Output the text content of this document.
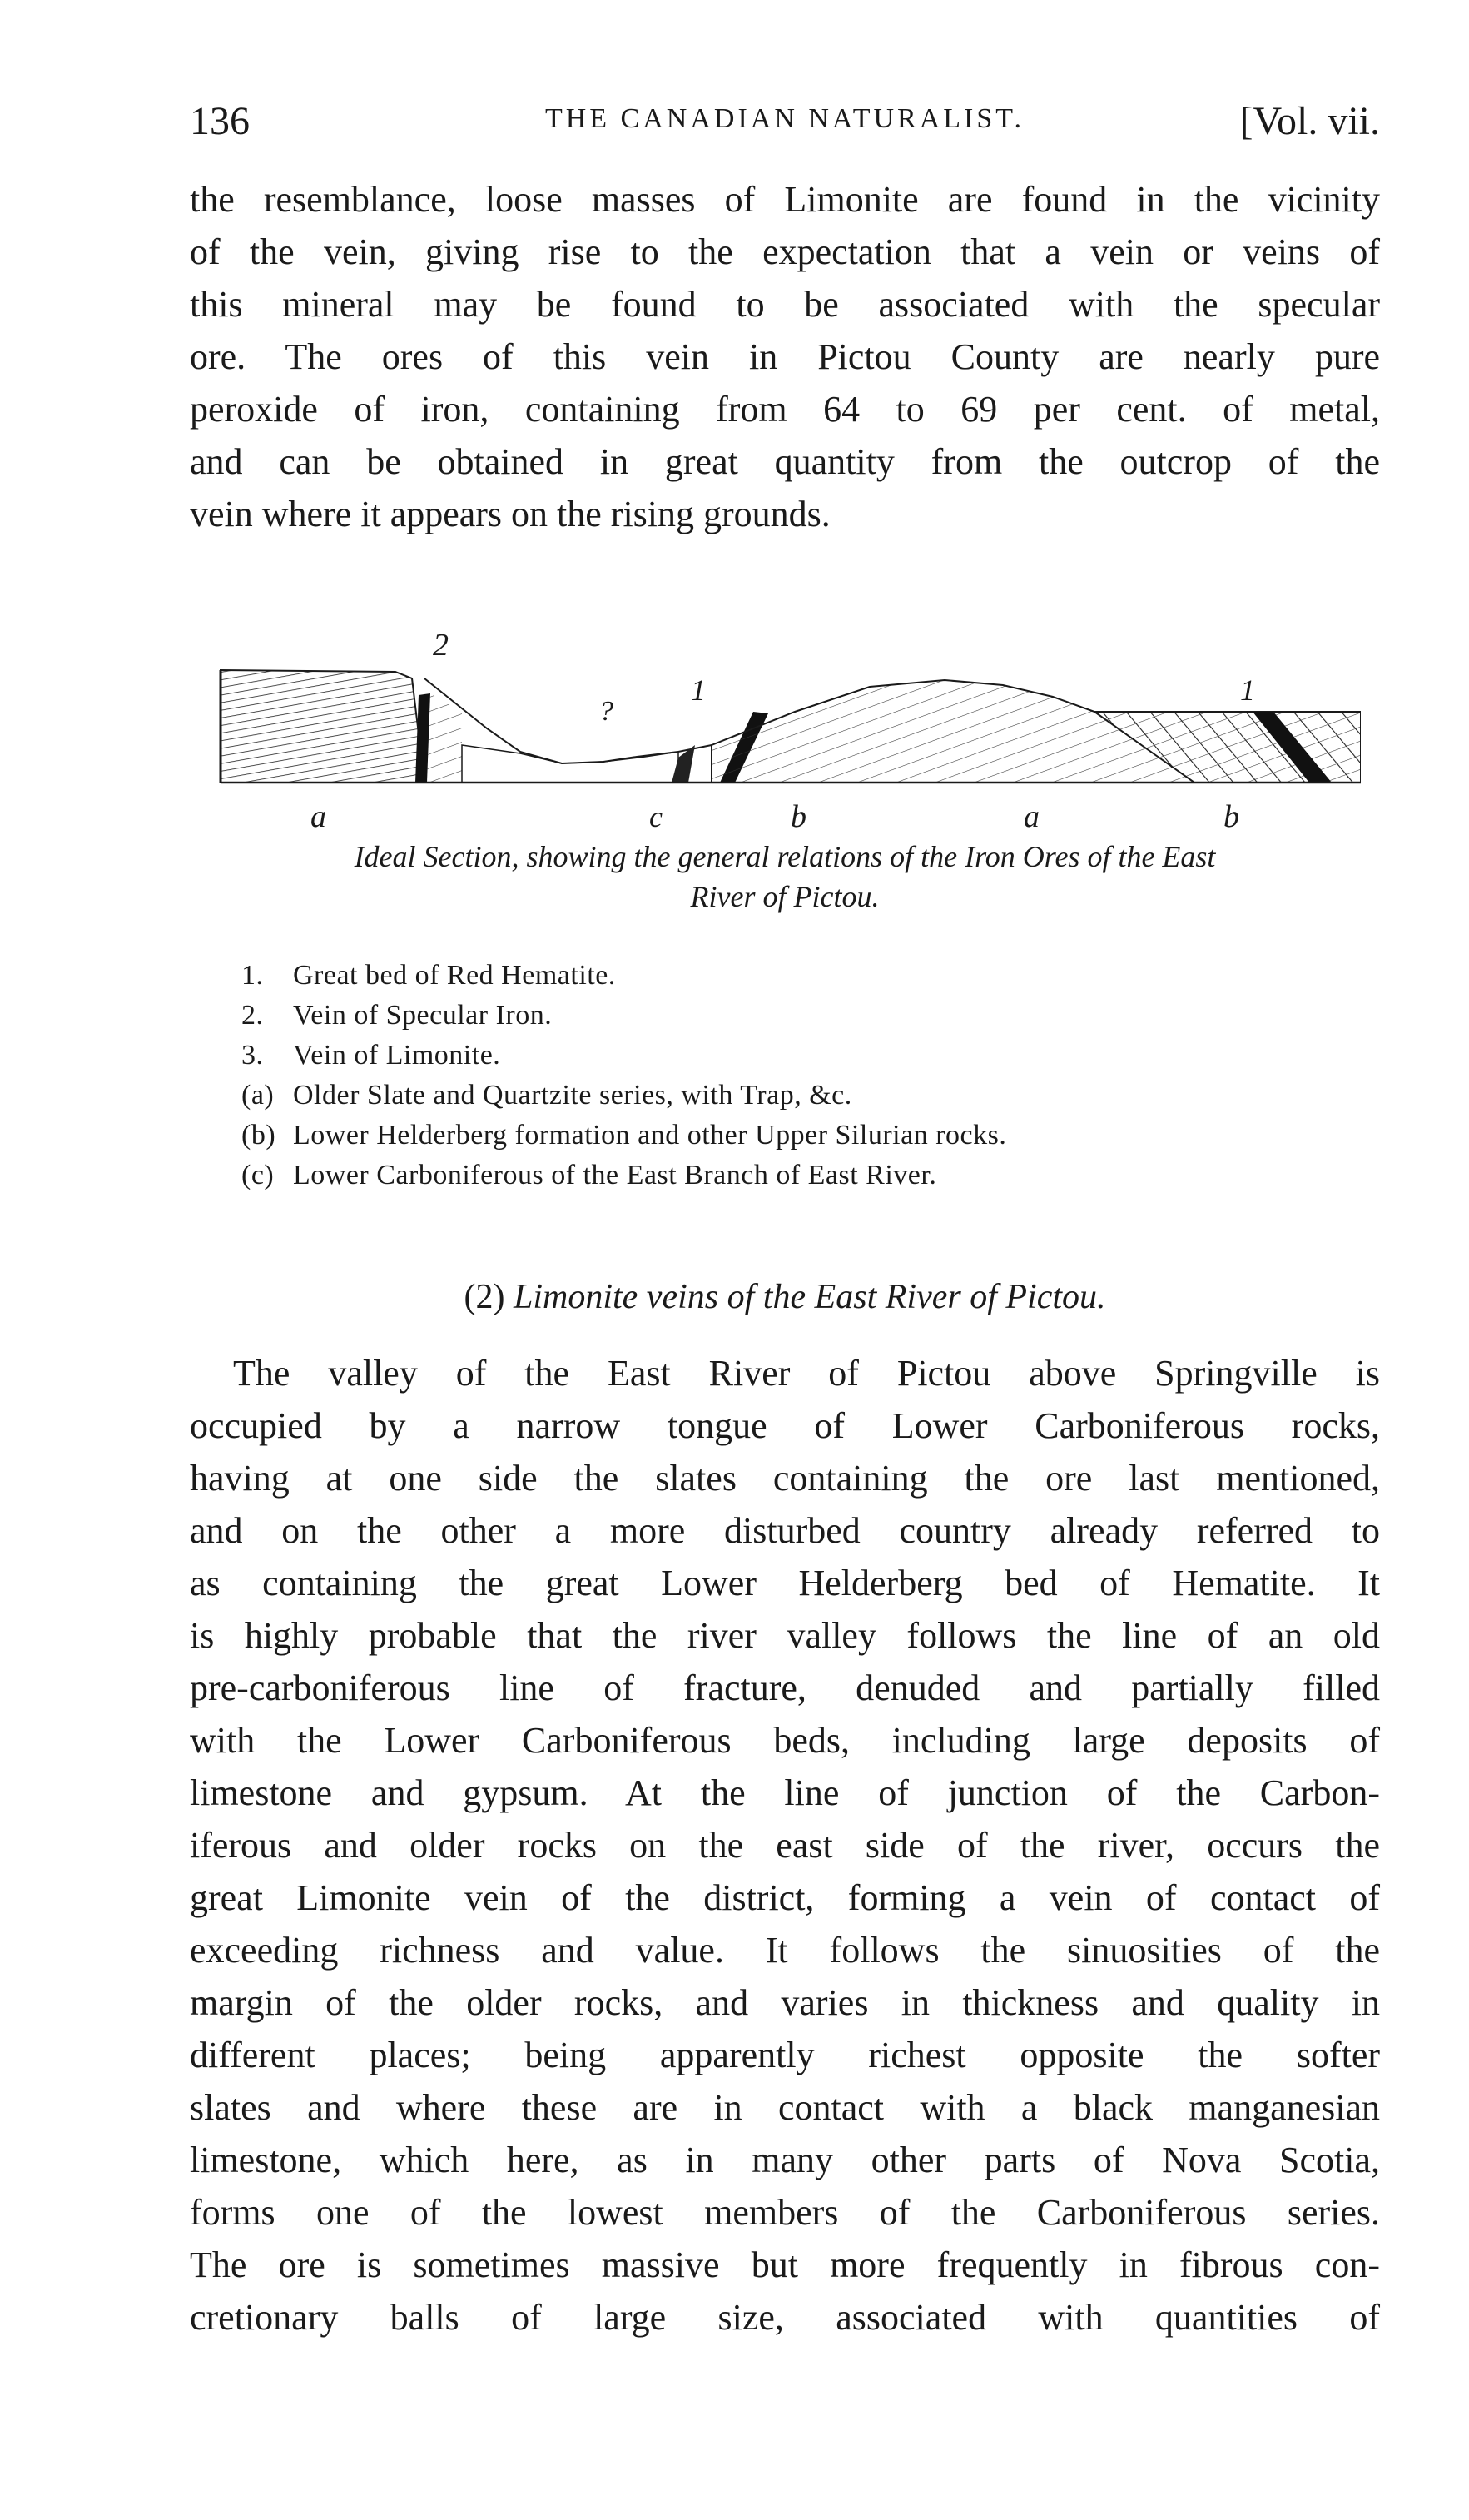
136	THE CANADIAN NATURALIST.	[Vol. vii.
the resemblance, loose masses of Limonite are found in the vicinity
of the vein, giving rise to the expectation that a vein or veins of
this mineral may be found to be associated with the specular
ore. The ores of this vein in Pictou County are nearly pure
peroxide of iron, containing from 64 to 69 per cent. of metal,
and can be obtained in great quantity from the outcrop of the
vein where it appears on the rising grounds.
2
?
1	1
a	c	b	a	b
Ideal Section, showing the general relations of the Iron Ores of the East
River of Pictou.
1. Great bed of Red Hematite.
2. Vein of Specular Iron.
3. Vein of Limonite.
(a) Older Slate and Quartzite series, with Trap, &c.
(b) Lower Helderberg formation and other Upper Silurian rocks.
(c) Lower Carboniferous of the East Branch of East River.
(2) Limonite veins of the East River of Pictou.
The valley of the East River of Pictou above Springville is
occupied by a narrow tongue of Lower Carboniferous rocks,
having at one side the slates containing the ore last mentioned,
and on the other a more disturbed country already referred to
as containing the great Lower Helderberg bed of Hematite. It
is highly probable that the river valley follows the line of an old
pre-carboniferous line of fracture, denuded and partially filled
with the Lower Carboniferous beds, including large deposits of
limestone and gypsum. At the line of junction of the Carbon-
iferous and older rocks on the east side of the river, occurs the
great Limonite vein of the district, forming a vein of contact of
exceeding richness and value. It follows the sinuosities of the
margin of the older rocks, and varies in thickness and quality in
different places; being apparently richest opposite the softer
slates and where these are in contact with a black manganesian
limestone, which here, as in many other parts of Nova Scotia,
forms one of the lowest members of the Carboniferous series.
The ore is sometimes massive but more frequently in fibrous con-
cretionary balls of large size, associated with quantities of
